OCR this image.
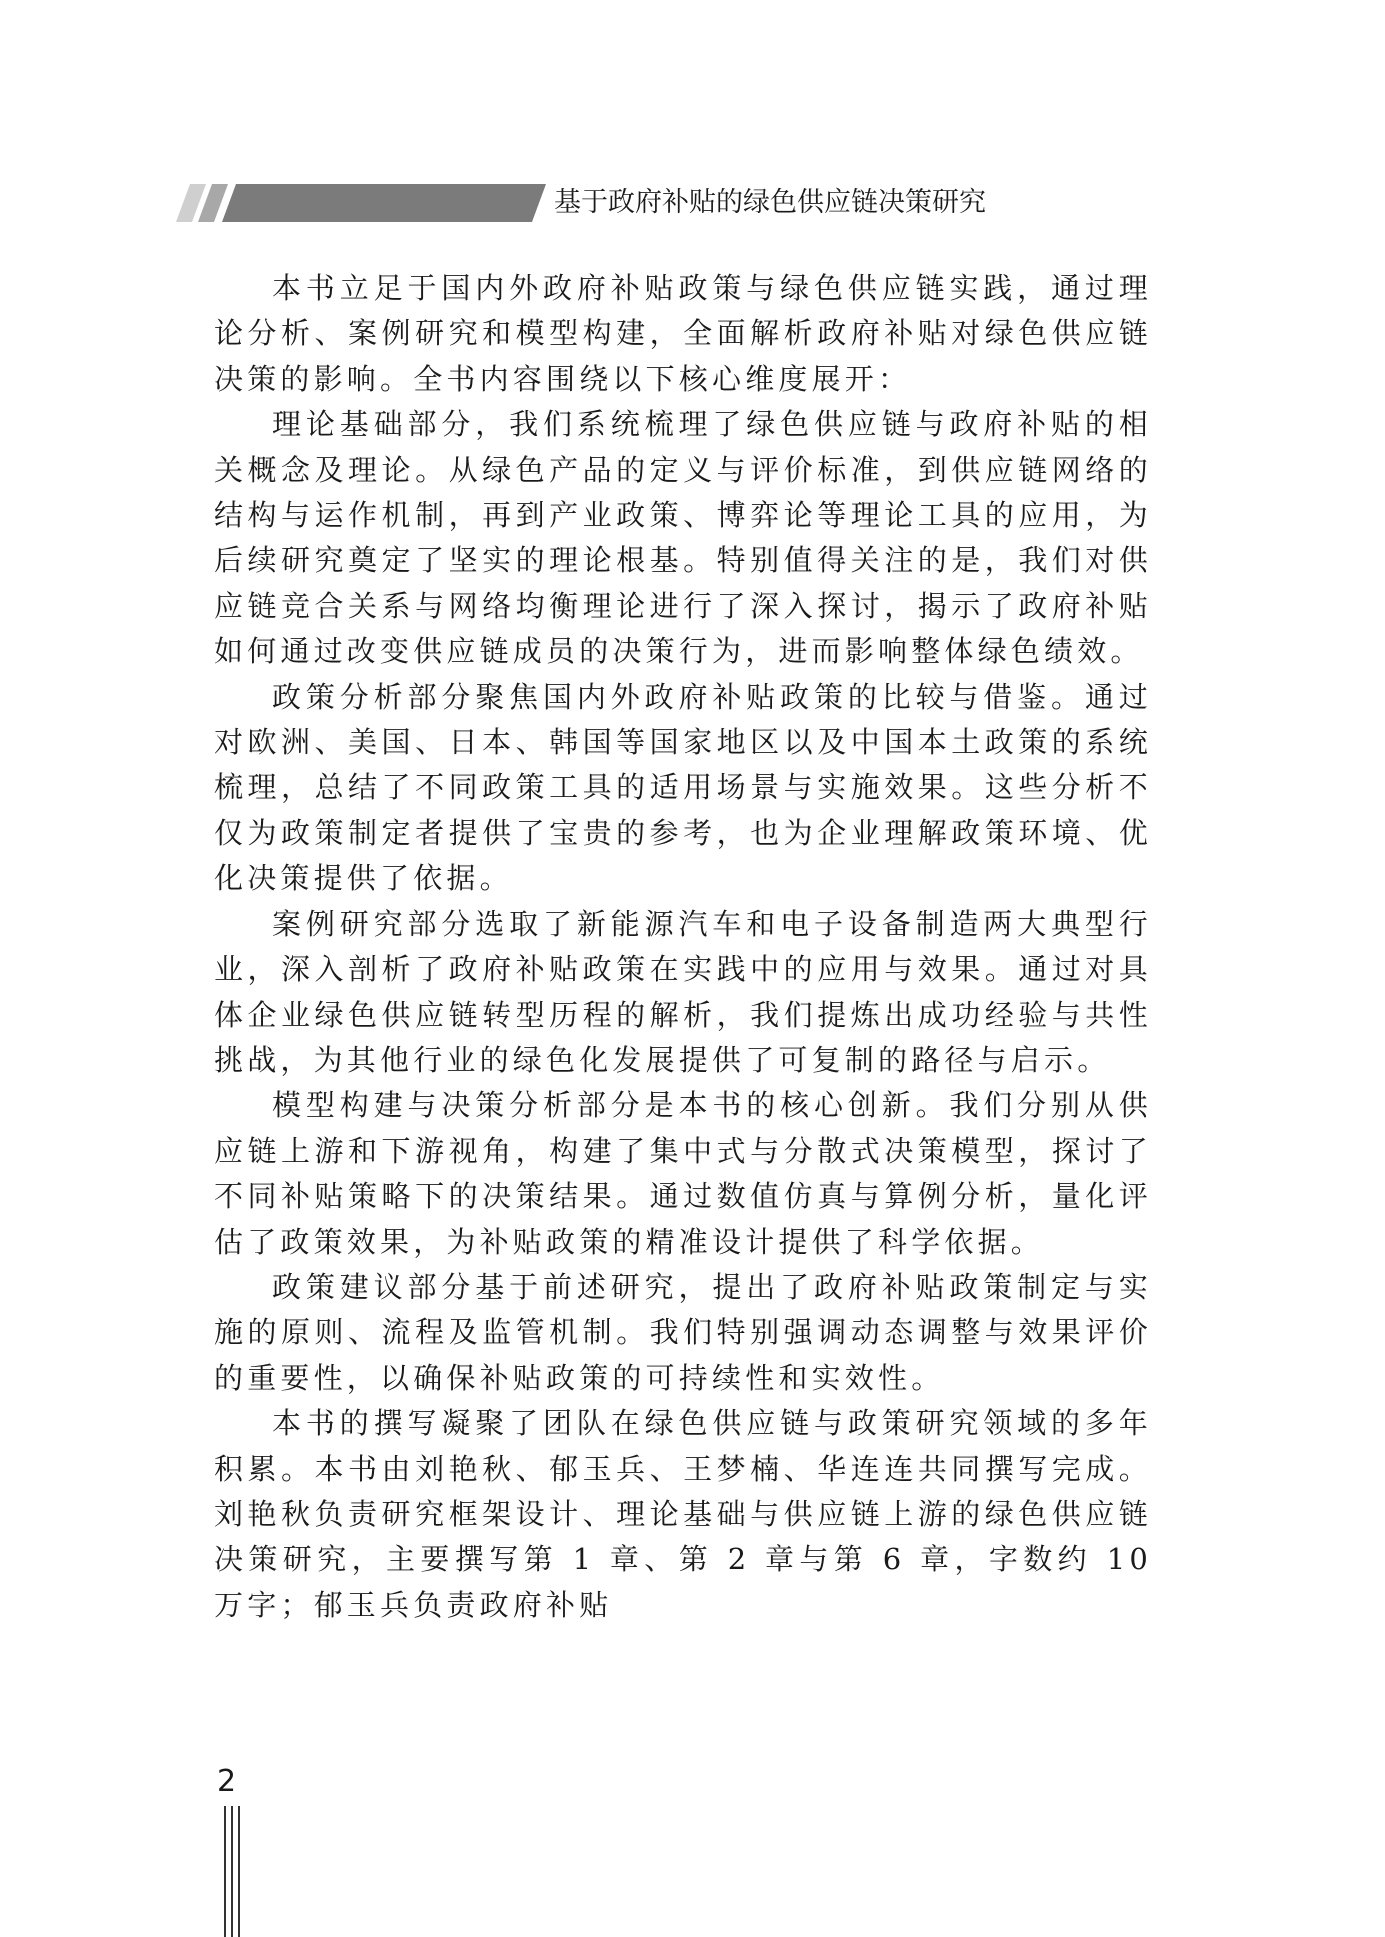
基于政府补贴的绿色供应链决策研究

本书立足于国内外政府补贴政策与绿色供应链实践，通过理论分析、案例研究和模型构建，全面解析政府补贴对绿色供应链决策的影响。全书内容围绕以下核心维度展开：

理论基础部分，我们系统梳理了绿色供应链与政府补贴的相关概念及理论。从绿色产品的定义与评价标准，到供应链网络的结构与运作机制，再到产业政策、博弈论等理论工具的应用，为后续研究奠定了坚实的理论根基。特别值得关注的是，我们对供应链竞合关系与网络均衡理论进行了深入探讨，揭示了政府补贴如何通过改变供应链成员的决策行为，进而影响整体绿色绩效。

政策分析部分聚焦国内外政府补贴政策的比较与借鉴。通过对欧洲、美国、日本、韩国等国家地区以及中国本土政策的系统梳理，总结了不同政策工具的适用场景与实施效果。这些分析不仅为政策制定者提供了宝贵的参考，也为企业理解政策环境、优化决策提供了依据。

案例研究部分选取了新能源汽车和电子设备制造两大典型行业，深入剖析了政府补贴政策在实践中的应用与效果。通过对具体企业绿色供应链转型历程的解析，我们提炼出成功经验与共性挑战，为其他行业的绿色化发展提供了可复制的路径与启示。

模型构建与决策分析部分是本书的核心创新。我们分别从供应链上游和下游视角，构建了集中式与分散式决策模型，探讨了不同补贴策略下的决策结果。通过数值仿真与算例分析，量化评估了政策效果，为补贴政策的精准设计提供了科学依据。

政策建议部分基于前述研究，提出了政府补贴政策制定与实施的原则、流程及监管机制。我们特别强调动态调整与效果评价的重要性，以确保补贴政策的可持续性和实效性。

本书的撰写凝聚了团队在绿色供应链与政策研究领域的多年积累。本书由刘艳秋、郁玉兵、王梦楠、华连连共同撰写完成。刘艳秋负责研究框架设计、理论基础与供应链上游的绿色供应链决策研究，主要撰写第 1 章、第 2 章与第 6 章，字数约 10 万字；郁玉兵负责政府补贴

2
